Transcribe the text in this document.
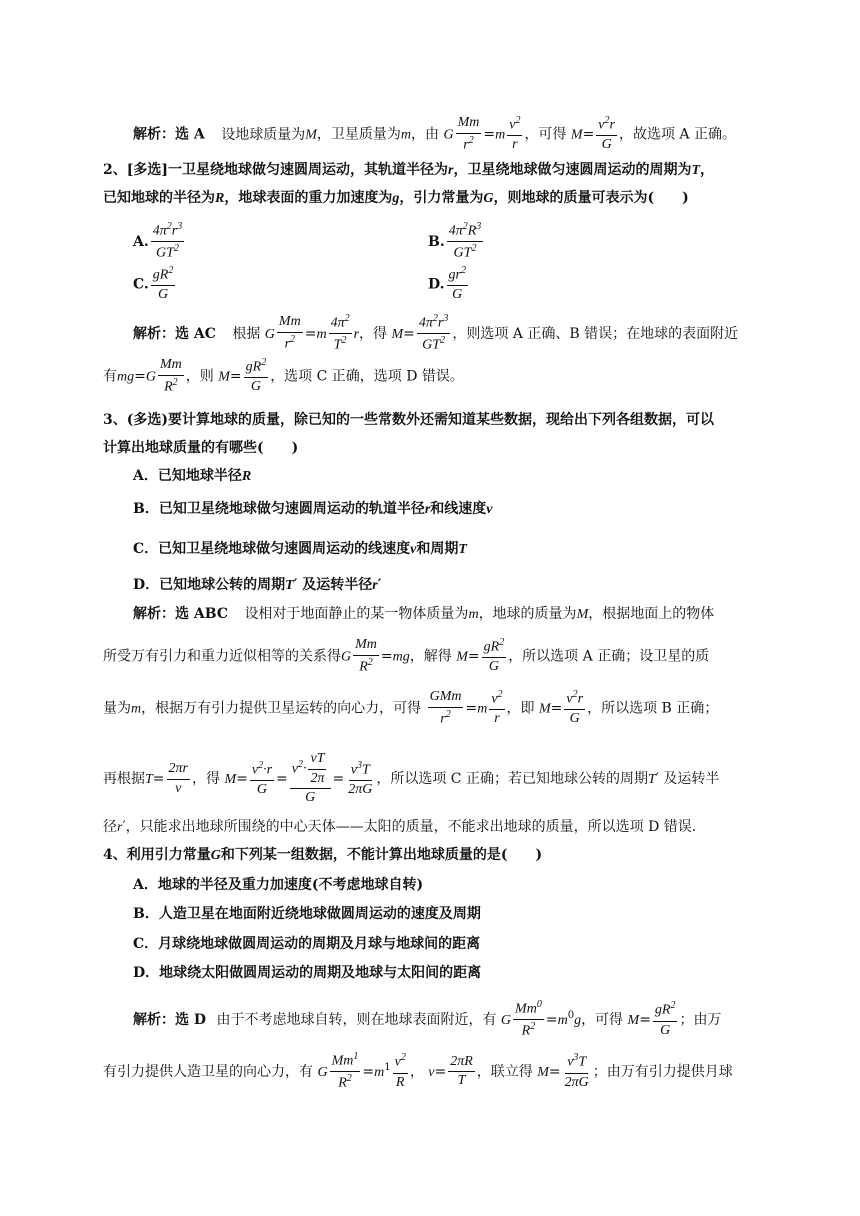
解析：选 A 设地球质量为M，卫星质量为m，由 G $\frac{Mm}{r^2} =m \frac{v^2}{r}$ ，可得 $M= \frac{v^2r}{G}$ ，故选项 A 正确。
2、[多选]一卫星绕地球做匀速圆周运动，其轨道半径为r，卫星绕地球做匀速圆周运动的周期为T，
已知地球的半径为R，地球表面的重力加速度为g，引力常量为G，则地球的质量可表示为(　　)
A. $\frac{4\pi^2r^3}{GT^2}$	B. $\frac{4\pi^2R^3}{GT^2}$
C. $\frac{gR^2}{G}$	D. $\frac{gr^2}{G}$
解析：选 AC 根据 G $\frac{Mm}{r^2} =m \frac{4\pi^2}{T^2}$ r，得 $M= \frac{4\pi^2r^3}{GT^2}$ ，则选项 A 正确、B 错误；在地球的表面附近
有$mg=G \frac{Mm}{R^2}$ ，则 $M= \frac{gR^2}{G}$ ，选项 C 正确，选项 D 错误。
3、(多选)要计算地球的质量，除已知的一些常数外还需知道某些数据，现给出下列各组数据，可以
计算出地球质量的有哪些(　　)
A．已知地球半径R
B．已知卫星绕地球做匀速圆周运动的轨道半径r和线速度v
C．已知卫星绕地球做匀速圆周运动的线速度v和周期T
D．已知地球公转的周期T′ 及运转半径r′
解析：选 ABC 设相对于地面静止的某一物体质量为m，地球的质量为M，根据地面上的物体
所受万有引力和重力近似相等的关系得G $\frac{Mm}{R^2} =mg$，解得 $M= \frac{gR^2}{G}$ ，所以选项 A 正确；设卫星的质
量为m，根据万有引力提供卫星运转的向心力，可得
GMm
$r^2 =m \frac{v^2}{r}$ ，即 $M= \frac{v^2r}{G}$ ，所以选项 B 正确；
再根据$T= \frac{2\pi r}{v}$ ，得 $M= \frac{v^2\cdot r}{G} = \frac{v^2\cdot \frac{vT}{2\pi}}{G} = \frac{v^3T}{2\pi G}$ ，所以选项 C 正确；若已知地球公转的周期T′ 及运转半
径r′，只能求出地球所围绕的中心天体——太阳的质量，不能求出地球的质量，所以选项 D 错误.
4、利用引力常量G和下列某一组数据，不能计算出地球质量的是(　　)
A．地球的半径及重力加速度(不考虑地球自转)
B．人造卫星在地面附近绕地球做圆周运动的速度及周期
C．月球绕地球做圆周运动的周期及月球与地球间的距离
D．地球绕太阳做圆周运动的周期及地球与太阳间的距离
解析：选 D 由于不考虑地球自转，则在地球表面附近，有 G $\frac{Mm^0}{R^2} =m^0g$，可得 $M= \frac{gR^2}{G}$ ；由万
有引力提供人造卫星的向心力，有 G $\frac{Mm^1}{R^2} =m^1 \frac{v^2}{R}$ ， $v= \frac{2\pi R}{T}$ ，联立得 $M= \frac{v^3T}{2\pi G}$ ；由万有引力提供月球
